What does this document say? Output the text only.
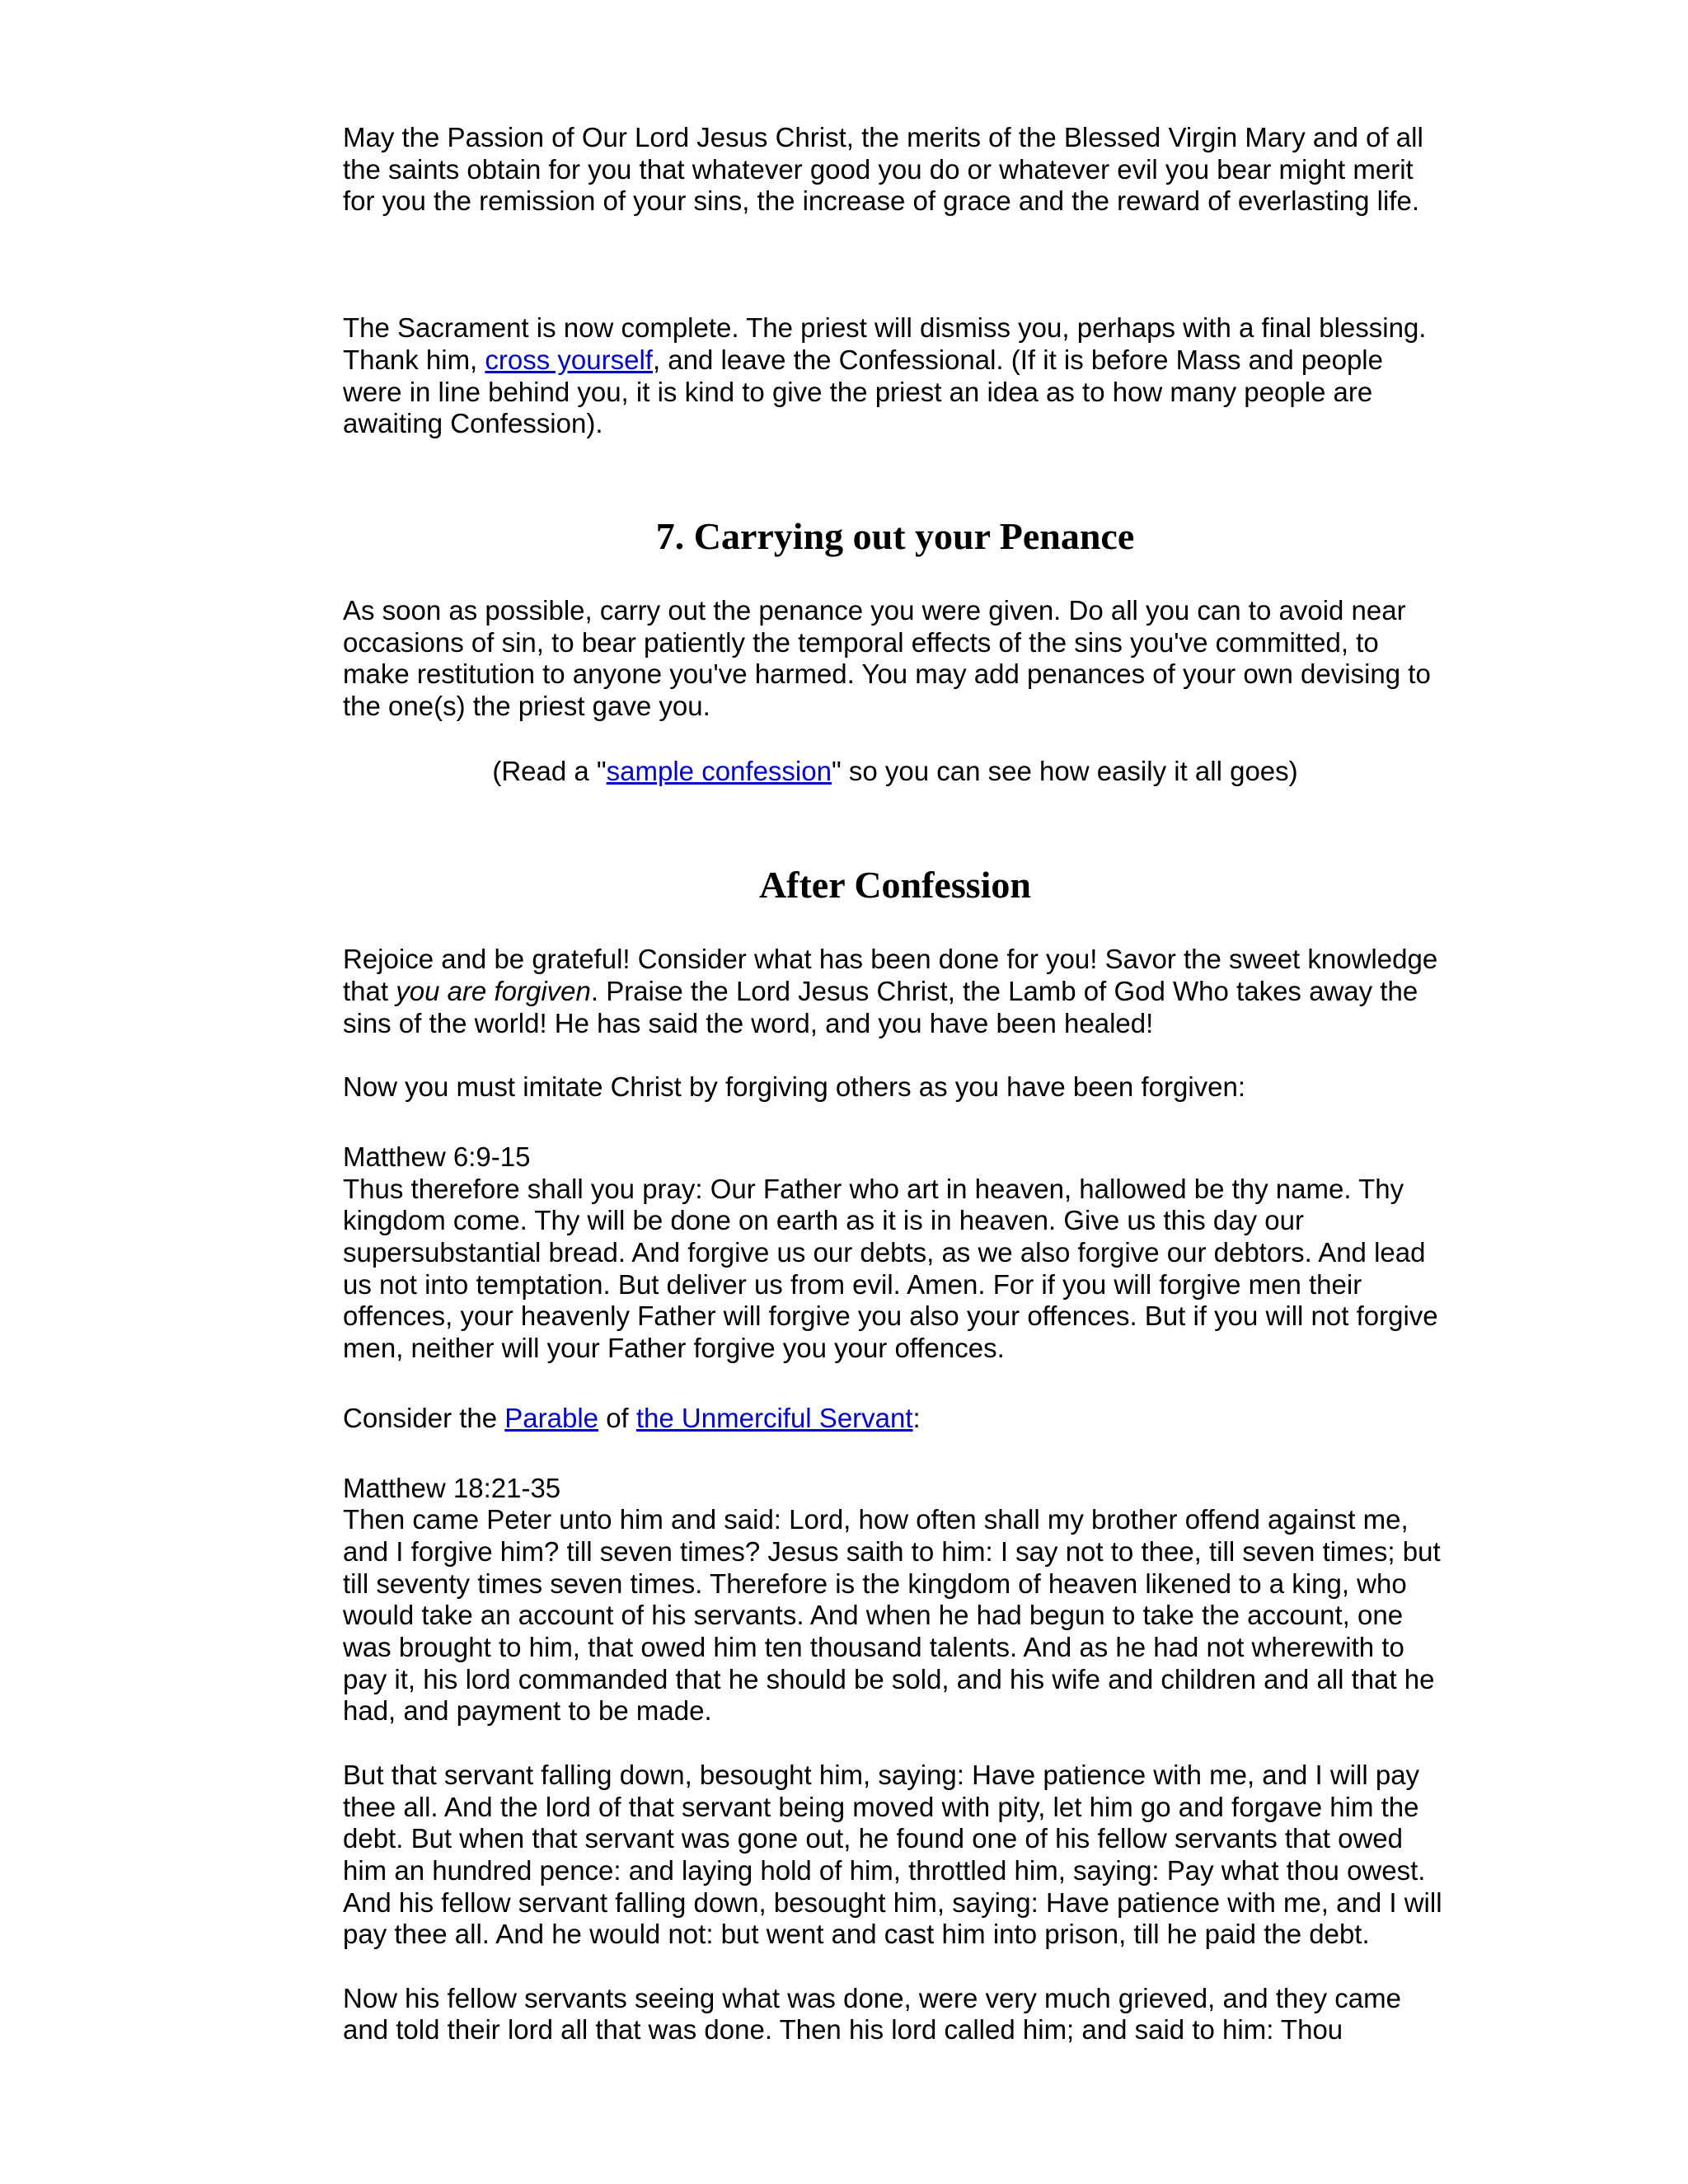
May the Passion of Our Lord Jesus Christ, the merits of the Blessed Virgin Mary and of all the saints obtain for you that whatever good you do or whatever evil you bear might merit for you the remission of your sins, the increase of grace and the reward of everlasting life.

The Sacrament is now complete. The priest will dismiss you, perhaps with a final blessing. Thank him, cross yourself, and leave the Confessional. (If it is before Mass and people were in line behind you, it is kind to give the priest an idea as to how many people are awaiting Confession).

7. Carrying out your Penance

As soon as possible, carry out the penance you were given. Do all you can to avoid near occasions of sin, to bear patiently the temporal effects of the sins you've committed, to make restitution to anyone you've harmed. You may add penances of your own devising to the one(s) the priest gave you.

(Read a "sample confession" so you can see how easily it all goes)

After Confession

Rejoice and be grateful! Consider what has been done for you! Savor the sweet knowledge that you are forgiven. Praise the Lord Jesus Christ, the Lamb of God Who takes away the sins of the world! He has said the word, and you have been healed!

Now you must imitate Christ by forgiving others as you have been forgiven:

Matthew 6:9-15

Thus therefore shall you pray: Our Father who art in heaven, hallowed be thy name. Thy kingdom come. Thy will be done on earth as it is in heaven. Give us this day our supersubstantial bread. And forgive us our debts, as we also forgive our debtors. And lead us not into temptation. But deliver us from evil. Amen. For if you will forgive men their offences, your heavenly Father will forgive you also your offences. But if you will not forgive men, neither will your Father forgive you your offences.

Consider the Parable of the Unmerciful Servant:

Matthew 18:21-35

Then came Peter unto him and said: Lord, how often shall my brother offend against me, and I forgive him? till seven times? Jesus saith to him: I say not to thee, till seven times; but till seventy times seven times. Therefore is the kingdom of heaven likened to a king, who would take an account of his servants. And when he had begun to take the account, one was brought to him, that owed him ten thousand talents. And as he had not wherewith to pay it, his lord commanded that he should be sold, and his wife and children and all that he had, and payment to be made.

But that servant falling down, besought him, saying: Have patience with me, and I will pay thee all. And the lord of that servant being moved with pity, let him go and forgave him the debt. But when that servant was gone out, he found one of his fellow servants that owed him an hundred pence: and laying hold of him, throttled him, saying: Pay what thou owest. And his fellow servant falling down, besought him, saying: Have patience with me, and I will pay thee all. And he would not: but went and cast him into prison, till he paid the debt.

Now his fellow servants seeing what was done, were very much grieved, and they came and told their lord all that was done. Then his lord called him; and said to him: Thou
